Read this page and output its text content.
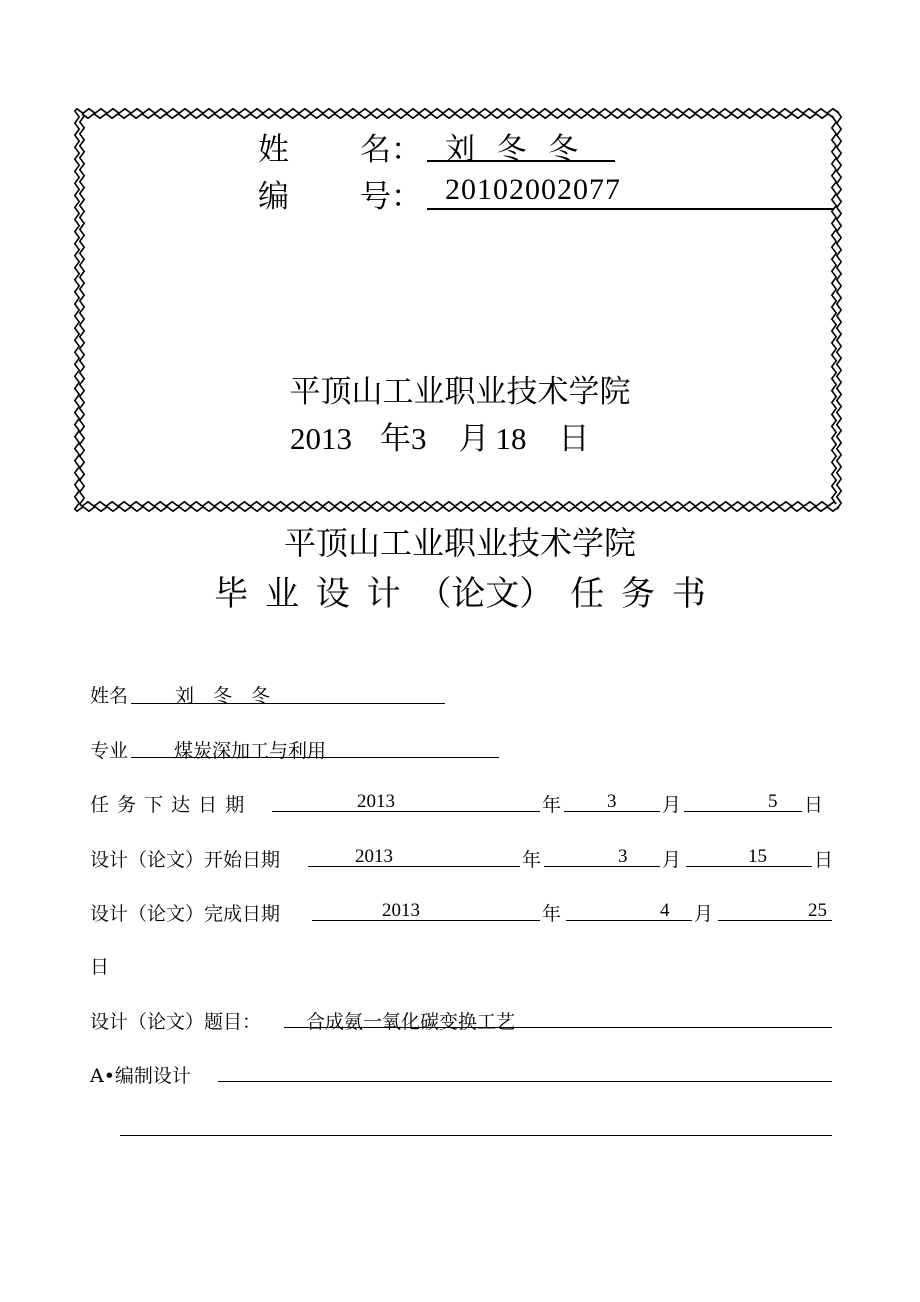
姓 名： 刘 冬 冬
编 号： 20102002077
平顶山工业职业技术学院
2013 年3 月 18 日
平顶山工业职业技术学院
毕 业 设 计 （论文） 任 务 书
姓名 刘　冬　冬
专业 煤炭深加工与利用
任 务 下 达 日 期	2013	年 3 月	5 日
设计（论文）开始日期	2013	年	3 月	15 日
设计（论文）完成日期	2013	年	4 月	25
日
设计（论文）题目： 合成氨一氧化碳变换工艺
A•编制设计
